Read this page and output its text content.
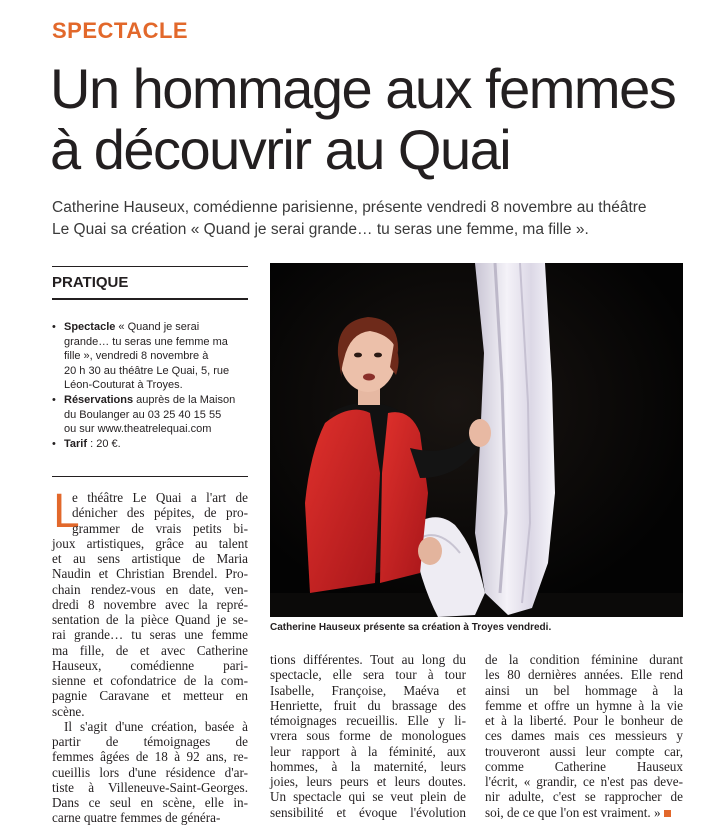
SPECTACLE
Un hommage aux femmes
à découvrir au Quai
Catherine Hauseux, comédienne parisienne, présente vendredi 8 novembre au théâtre
Le Quai sa création « Quand je serai grande… tu seras une femme, ma fille ».
PRATIQUE
• Spectacle « Quand je serai
grande… tu seras une femme ma
fille », vendredi 8 novembre à
20 h 30 au théâtre Le Quai, 5, rue
Léon-Couturat à Troyes.
• Réservations auprès de la Maison
du Boulanger au 03 25 40 15 55
ou sur www.theatrelequai.com
• Tarif : 20 €.
L
e théâtre Le Quai a l'art de
dénicher des pépites, de pro-
grammer de vrais petits bi-
joux artistiques, grâce au talent
et au sens artistique de Maria
Naudin et Christian Brendel. Pro-
chain rendez-vous en date, ven-
dredi 8 novembre avec la repré-
sentation de la pièce Quand je se-
rai grande… tu seras une femme
ma fille, de et avec Catherine
Hauseux, comédienne pari-
sienne et cofondatrice de la com-
pagnie Caravane et metteur en
scène.
Il s'agit d'une création, basée à
partir de témoignages de
femmes âgées de 18 à 92 ans, re-
cueillis lors d'une résidence d'ar-
tiste à Villeneuve-Saint-Georges.
Dans ce seul en scène, elle in-
carne quatre femmes de généra-
tions différentes. Tout au long du
spectacle, elle sera tour à tour
Isabelle, Françoise, Maéva et
Henriette, fruit du brassage des
témoignages recueillis. Elle y li-
vrera sous forme de monologues
leur rapport à la féminité, aux
hommes, à la maternité, leurs
joies, leurs peurs et leurs doutes.
Un spectacle qui se veut plein de
sensibilité et évoque l'évolution
de la condition féminine durant
les 80 dernières années. Elle rend
ainsi un bel hommage à la
femme et offre un hymne à la vie
et à la liberté. Pour le bonheur de
ces dames mais ces messieurs y
trouveront aussi leur compte car,
comme Catherine Hauseux
l'écrit, « grandir, ce n'est pas deve-
nir adulte, c'est se rapprocher de
soi, de ce que l'on est vraiment. »
Catherine Hauseux présente sa création à Troyes vendredi.
